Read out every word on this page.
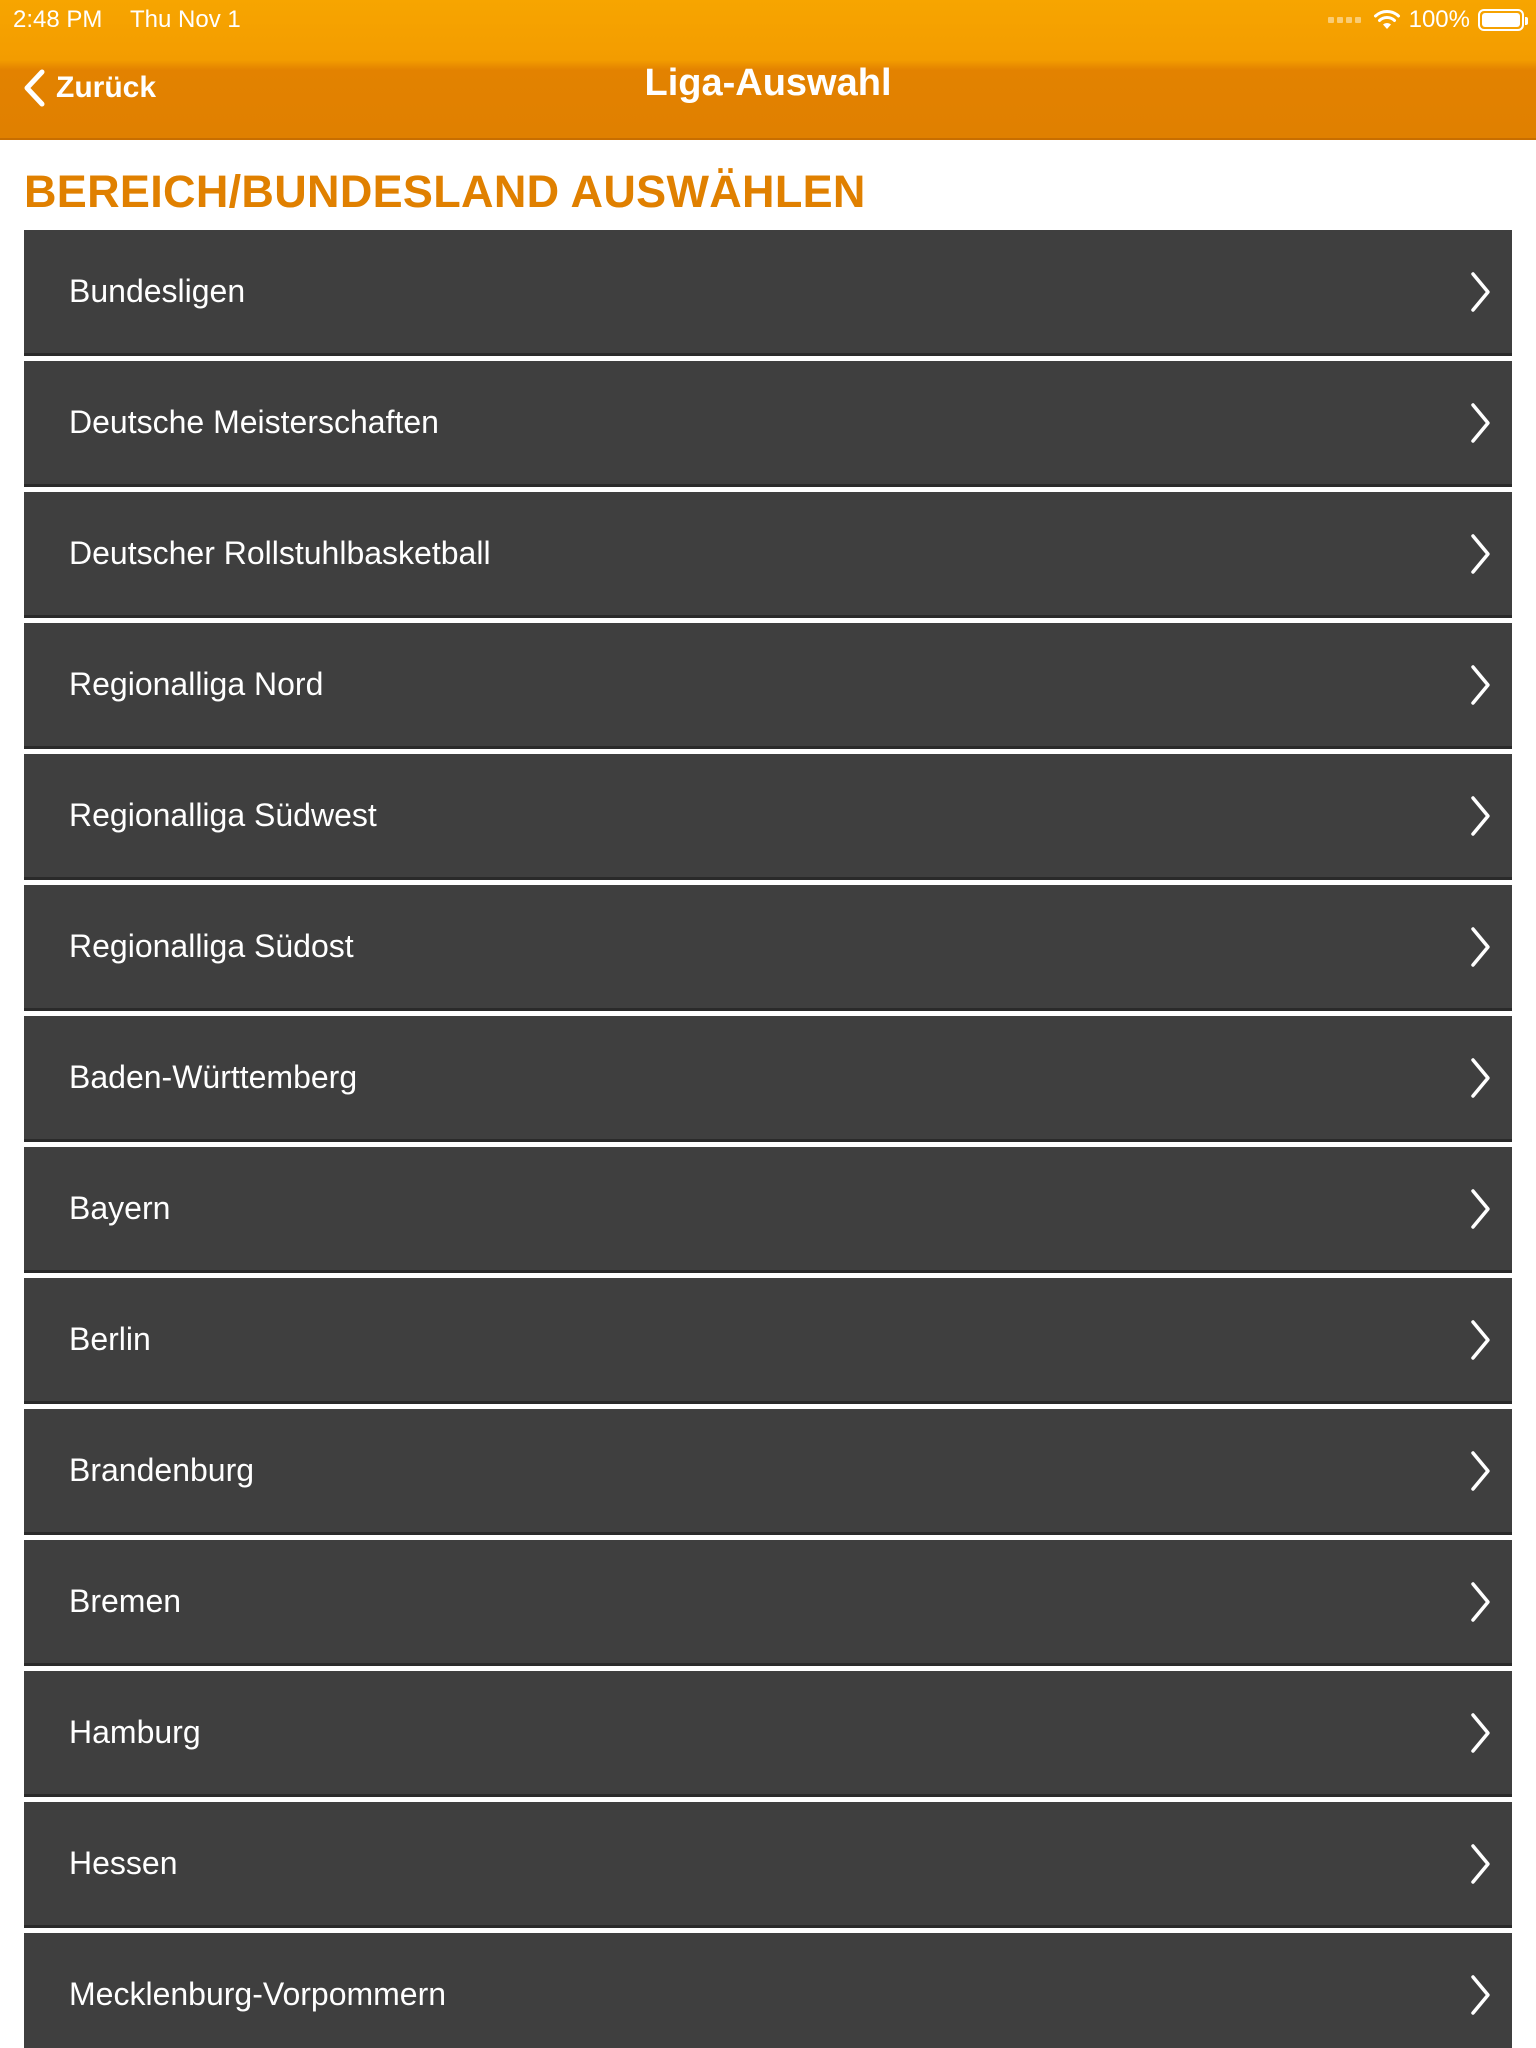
2:48 PM Thu Nov 1	100%
Zurück	Liga-Auswahl
BEREICH/BUNDESLAND AUSWÄHLEN
Bundesligen
Deutsche Meisterschaften
Deutscher Rollstuhlbasketball
Regionalliga Nord
Regionalliga Südwest
Regionalliga Südost
Baden-Württemberg
Bayern
Berlin
Brandenburg
Bremen
Hamburg
Hessen
Mecklenburg-Vorpommern
